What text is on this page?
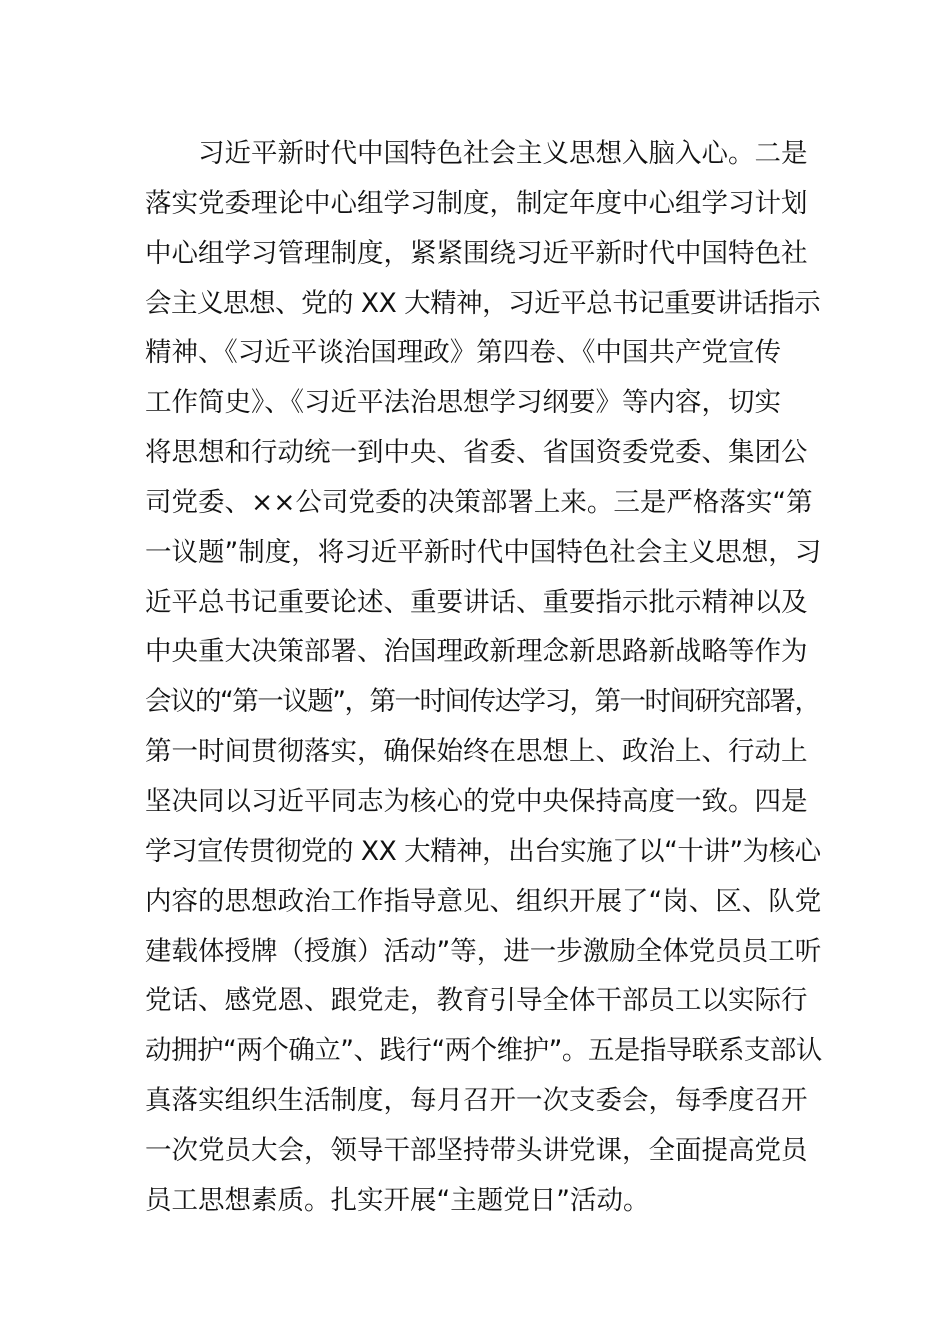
习近平新时代中国特色社会主义思想入脑入心。二是
落实党委理论中心组学习制度，制定年度中心组学习计划
中心组学习管理制度，紧紧围绕习近平新时代中国特色社
会主义思想、党的 XX 大精神，习近平总书记重要讲话指示
精神、《习近平谈治国理政》第四卷、《中国共产党宣传
工作简史》、《习近平法治思想学习纲要》等内容，切实
将思想和行动统一到中央、省委、省国资委党委、集团公
司党委、××公司党委的决策部署上来。三是严格落实“第
一议题”制度，将习近平新时代中国特色社会主义思想，习
近平总书记重要论述、重要讲话、重要指示批示精神以及
中央重大决策部署、治国理政新理念新思路新战略等作为
会议的“第一议题”，第一时间传达学习，第一时间研究部署，
第一时间贯彻落实，确保始终在思想上、政治上、行动上
坚决同以习近平同志为核心的党中央保持高度一致。四是
学习宣传贯彻党的 XX 大精神，出台实施了以“十讲”为核心
内容的思想政治工作指导意见、组织开展了“岗、区、队党
建载体授牌（授旗）活动”等，进一步激励全体党员员工听
党话、感党恩、跟党走，教育引导全体干部员工以实际行
动拥护“两个确立”、践行“两个维护”。五是指导联系支部认
真落实组织生活制度，每月召开一次支委会，每季度召开
一次党员大会，领导干部坚持带头讲党课，全面提高党员
员工思想素质。扎实开展“主题党日”活动。
